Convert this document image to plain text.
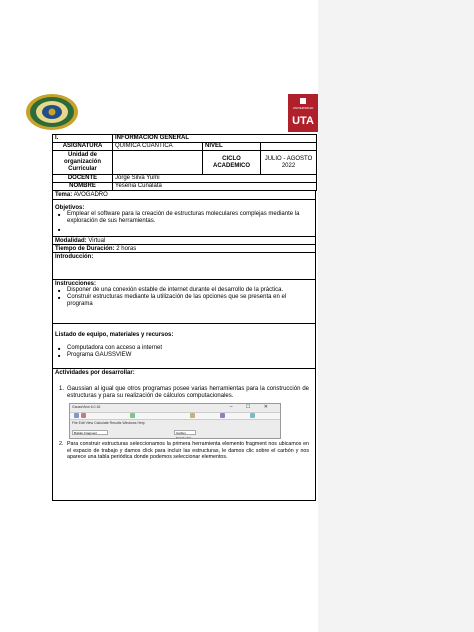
UNIVERSIDAD
UTA
I.	INFORMACION GENERAL		
ASIGNATURA	QUIMICA CUANTICA	NIVEL	
Unidad de organización Curricular		CICLO ACADEMICO	JULIO - AGOSTO 2022
DOCENTE	Jorge Silva Yumi		
NOMBRE	Yesenia Cunalata		
Tema: AVOGADRO
Objetivos:
■ Emplear el software para la creación de estructuras moleculares complejas mediante la exploración de sus herramientas.
■
Modalidad: Virtual
Tiempo de Duración: 2 horas
Introducción:
Instrucciones:
■ Disponer de una conexión estable de internet durante el desarrollo de la práctica.
■ Construir estructuras mediante la utilización de las opciones que se presenta en el programa
Listado de equipo, materiales y recursos:
■ Computadora con acceso a internet
■ Programa GAUSSVIEW
Actividades por desarrollar:
1. Gaussian al igual que otros programas posee varias herramientas para la construcción de estructuras y para su realización de cálculos computacionales.
GaussView 6.0.16	– ☐ ✕
File Edit View Calculate Results Windows Help
Builder Fragment	Carbon Tetrahedral
2. Para construir estructuras seleccionamos la primera herramienta elemento fragment nos ubicamos en el espacio de trabajo y damos click para incluir las estructuras, le damos clic sobre el carbón y nos aparece una tabla periódica donde podemos seleccionar elementos.
